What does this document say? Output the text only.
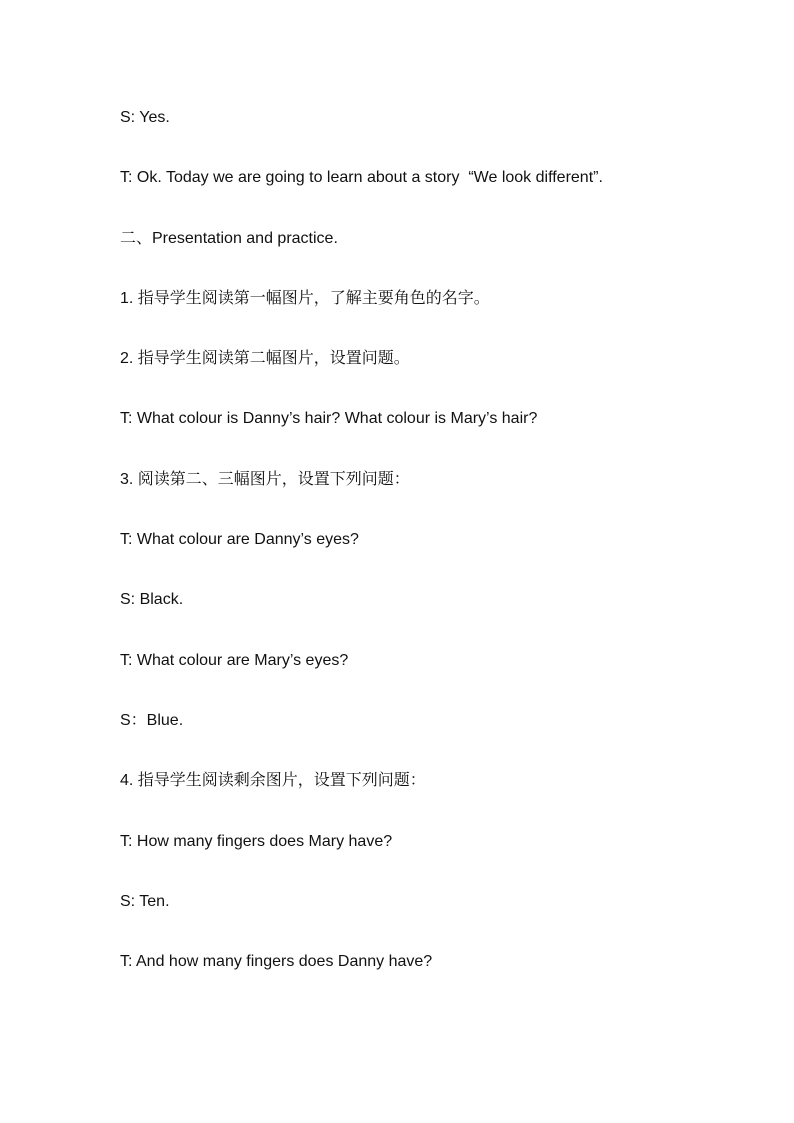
S: Yes.

T: Ok. Today we are going to learn about a story  “We look different”.

二、Presentation and practice.

1. 指导学生阅读第一幅图片，了解主要角色的名字。

2. 指导学生阅读第二幅图片，设置问题。

T: What colour is Danny’s hair? What colour is Mary’s hair?

3. 阅读第二、三幅图片，设置下列问题：

T: What colour are Danny’s eyes?

S: Black.

T: What colour are Mary’s eyes?

S：Blue.

4. 指导学生阅读剩余图片，设置下列问题：

T: How many fingers does Mary have?

S: Ten.

T: And how many fingers does Danny have?
